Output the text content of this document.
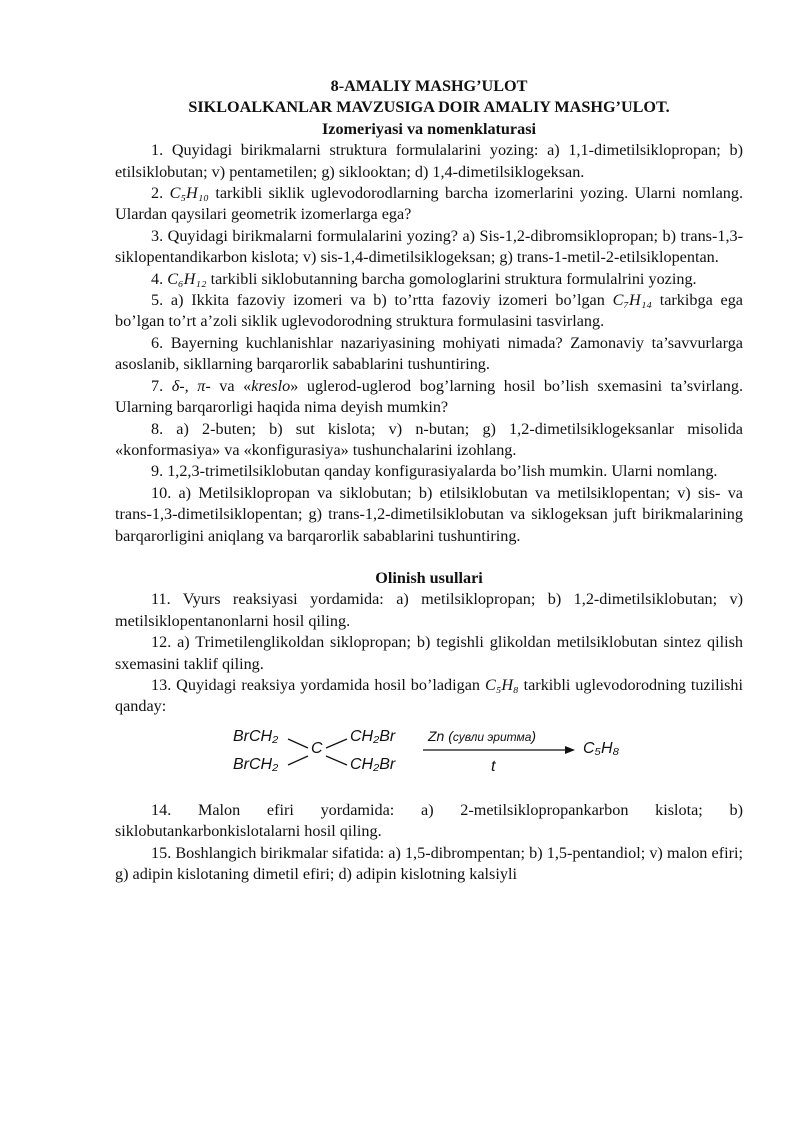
8-AMALIY MASHG’ULOT
SIKLOALKANLAR MAVZUSIGA DOIR AMALIY MASHG’ULOT.
Izomeriyasi va nomenklaturasi

1. Quyidagi birikmalarni struktura formulalarini yozing: a) 1,1-dimetilsiklopropan; b) etilsiklobutan; v) pentametilen; g) siklooktan; d) 1,4-dimetilsiklogeksan.

2. C₅H₁₀ tarkibli siklik uglevodorodlarning barcha izomerlarini yozing. Ularni nomlang. Ulardan qaysilari geometrik izomerlarga ega?

3. Quyidagi birikmalarni formulalarini yozing? a) Sis-1,2-dibromsiklopropan; b) trans-1,3-siklopentandikarbon kislota; v) sis-1,4-dimetilsiklogeksan; g) trans-1-metil-2-etilsiklopentan.

4. C₆H₁₂ tarkibli siklobutanning barcha gomologlarini struktura formulalrini yozing.

5. a) Ikkita fazoviy izomeri va b) to’rtta fazoviy izomeri bo’lgan C₇H₁₄ tarkibga ega bo’lgan to’rt a’zoli siklik uglevodorodning struktura formulasini tasvirlang.

6. Bayerning kuchlanishlar nazariyasining mohiyati nimada? Zamonaviy ta’savvurlarga asoslanib, sikllarning barqarorlik sabablarini tushuntiring.

7. δ-, π- va «kreslo» uglerod-uglerod bog’larning hosil bo’lish sxemasini ta’svirlang. Ularning barqarorligi haqida nima deyish mumkin?

8. a) 2-buten; b) sut kislota; v) n-butan; g) 1,2-dimetilsiklogeksanlar misolida «konformasiya» va «konfigurasiya» tushunchalarini izohlang.

9. 1,2,3-trimetilsiklobutan qanday konfigurasiyalarda bo’lish mumkin. Ularni nomlang.

10. a) Metilsiklopropan va siklobutan; b) etilsiklobutan va metilsiklopentan; v) sis- va trans-1,3-dimetilsiklopentan; g) trans-1,2-dimetilsiklobutan va siklogeksan juft birikmalarining barqarorligini aniqlang va barqarorlik sabablarini tushuntiring.

Olinish usullari

11. Vyurs reaksiyasi yordamida: a) metilsiklopropan; b) 1,2-dimetilsiklobutan; v) metilsiklopentanonlarni hosil qiling.

12. a) Trimetilenglikoldan siklopropan; b) tegishli glikoldan metilsiklobutan sintez qilish sxemasini taklif qiling.

13. Quyidagi reaksiya yordamida hosil bo’ladigan C₅H₈ tarkibli uglevodorodning tuzilishi qanday:

BrCH₂
BrCH₂
C
CH₂Br
CH₂Br
Zn (сувли эритма)
t
C₅H₈

14. Malon efiri yordamida: a) 2-metilsiklopropankarbon kislota; b) siklobutankarbonkislotalarni hosil qiling.

15. Boshlangich birikmalar sifatida: a) 1,5-dibrompentan; b) 1,5-pentandiol; v) malon efiri; g) adipin kislotaning dimetil efiri; d) adipin kislotning kalsiyli
